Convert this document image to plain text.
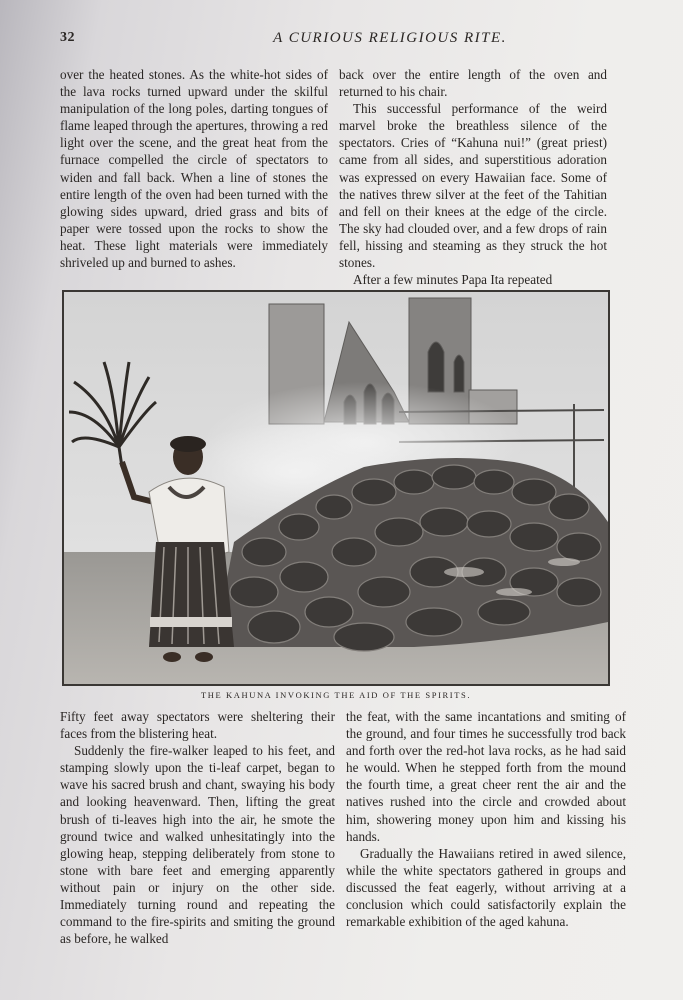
32	A CURIOUS RELIGIOUS RITE.

over the heated stones. As the white-hot sides of the lava rocks turned upward under the skilful manipulation of the long poles, darting tongues of flame leaped through the apertures, throwing a red light over the scene, and the great heat from the furnace compelled the circle of spectators to widen and fall back. When a line of stones the entire length of the oven had been turned with the glowing sides upward, dried grass and bits of paper were tossed upon the rocks to show the heat. These light materials were immediately shriveled up and burned to ashes.

back over the entire length of the oven and returned to his chair.

This successful performance of the weird marvel broke the breathless silence of the spectators. Cries of “Kahuna nui!” (great priest) came from all sides, and superstitious adoration was expressed on every Hawaiian face. Some of the natives threw silver at the feet of the Tahitian and fell on their knees at the edge of the circle. The sky had clouded over, and a few drops of rain fell, hissing and steaming as they struck the hot stones.

After a few minutes Papa Ita repeated

THE KAHUNA INVOKING THE AID OF THE SPIRITS.

Fifty feet away spectators were sheltering their faces from the blistering heat.

Suddenly the fire-walker leaped to his feet, and stamping slowly upon the ti-leaf carpet, began to wave his sacred brush and chant, swaying his body and looking heavenward. Then, lifting the great brush of ti-leaves high into the air, he smote the ground twice and walked unhesitatingly into the glowing heap, stepping deliberately from stone to stone with bare feet and emerging apparently without pain or injury on the other side. Immediately turning round and repeating the command to the fire-spirits and smiting the ground as before, he walked

the feat, with the same incantations and smiting of the ground, and four times he successfully trod back and forth over the red-hot lava rocks, as he had said he would. When he stepped forth from the mound the fourth time, a great cheer rent the air and the natives rushed into the circle and crowded about him, showering money upon him and kissing his hands.

Gradually the Hawaiians retired in awed silence, while the white spectators gathered in groups and discussed the feat eagerly, without arriving at a conclusion which could satisfactorily explain the remarkable exhibition of the aged kahuna.
